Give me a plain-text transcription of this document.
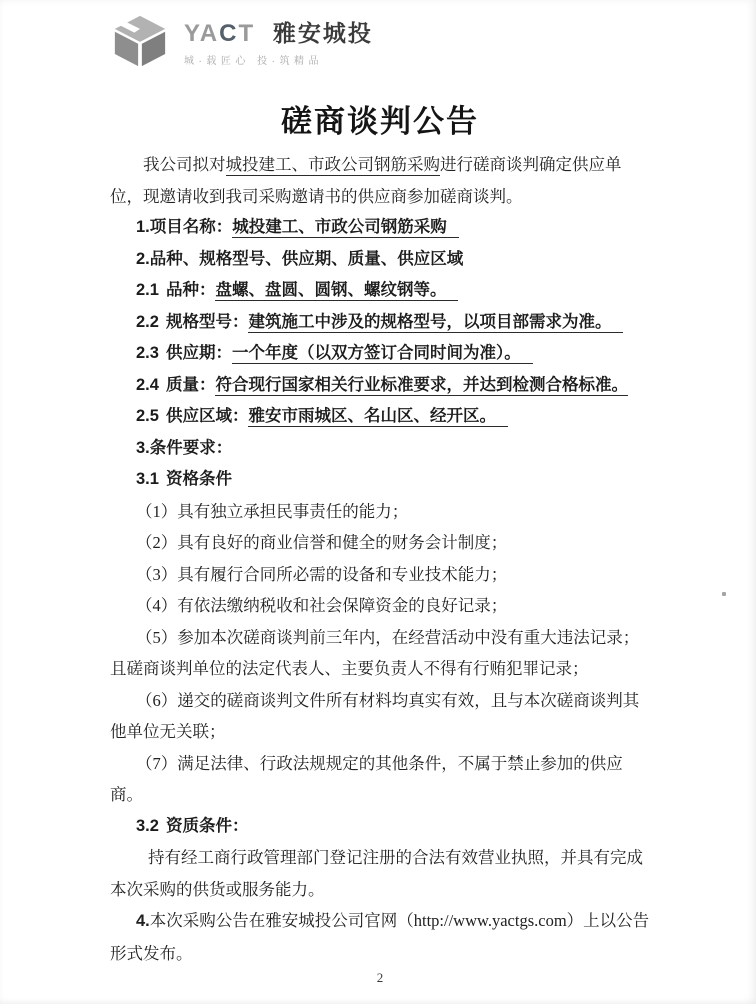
YACT 雅安城投
城·载匠心 投·筑精品
磋商谈判公告

我公司拟对城投建工、市政公司钢筋采购进行磋商谈判确定供应单位，现邀请收到我司采购邀请书的供应商参加磋商谈判。

1.项目名称：城投建工、市政公司钢筋采购

2.品种、规格型号、供应期、质量、供应区域

2.1 品种：盘螺、盘圆、圆钢、螺纹钢等。

2.2 规格型号：建筑施工中涉及的规格型号，以项目部需求为准。

2.3 供应期：一个年度（以双方签订合同时间为准）。

2.4 质量：符合现行国家相关行业标准要求，并达到检测合格标准。

2.5 供应区域：雅安市雨城区、名山区、经开区。

3.条件要求：

3.1 资格条件

（1）具有独立承担民事责任的能力；

（2）具有良好的商业信誉和健全的财务会计制度；

（3）具有履行合同所必需的设备和专业技术能力；

（4）有依法缴纳税收和社会保障资金的良好记录；

（5）参加本次磋商谈判前三年内，在经营活动中没有重大违法记录；且磋商谈判单位的法定代表人、主要负责人不得有行贿犯罪记录；

（6）递交的磋商谈判文件所有材料均真实有效，且与本次磋商谈判其他单位无关联；

（7）满足法律、行政法规规定的其他条件，不属于禁止参加的供应商。

3.2 资质条件：

持有经工商行政管理部门登记注册的合法有效营业执照，并具有完成本次采购的供货或服务能力。

4.本次采购公告在雅安城投公司官网（http://www.yactgs.com）上以公告形式发布。

2
